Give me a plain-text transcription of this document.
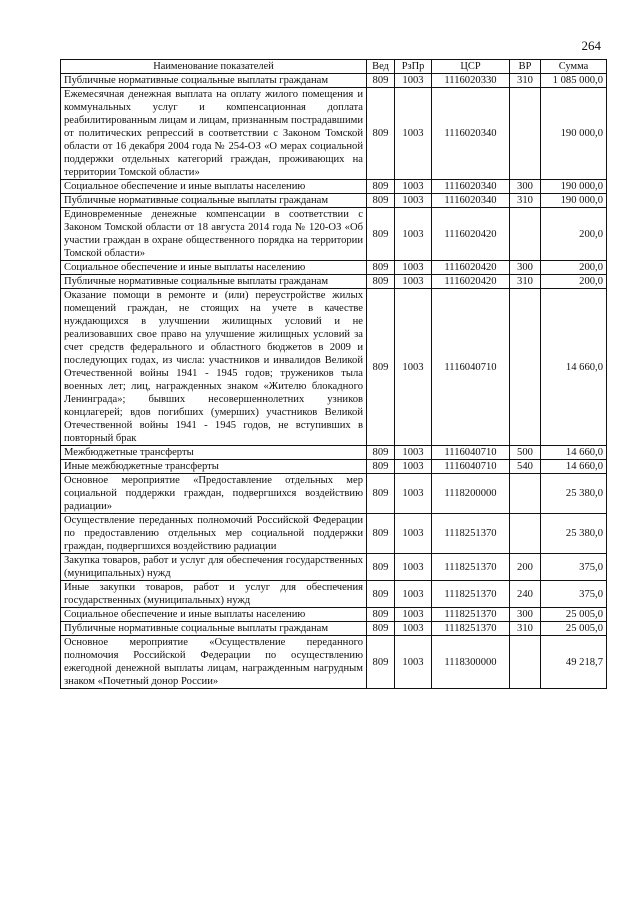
264
Наименование показателей	Вед	РзПр	ЦСР	ВР	Сумма
Публичные нормативные социальные выплаты гражданам	809	1003	1116020330	310	1 085 000,0
Ежемесячная денежная выплата на оплату жилого помещения и коммунальных услуг и компенсационная доплата реабилитированным лицам и лицам, признанным пострадавшими от политических репрессий в соответствии с Законом Томской области от 16 декабря 2004 года № 254-ОЗ «О мерах социальной поддержки отдельных категорий граждан, проживающих на территории Томской области»	809	1003	1116020340		190 000,0
Социальное обеспечение и иные выплаты населению	809	1003	1116020340	300	190 000,0
Публичные нормативные социальные выплаты гражданам	809	1003	1116020340	310	190 000,0
Единовременные денежные компенсации в соответствии с Законом Томской области от 18 августа 2014 года № 120-ОЗ «Об участии граждан в охране общественного порядка на территории Томской области»	809	1003	1116020420		200,0
Социальное обеспечение и иные выплаты населению	809	1003	1116020420	300	200,0
Публичные нормативные социальные выплаты гражданам	809	1003	1116020420	310	200,0
Оказание помощи в ремонте и (или) переустройстве жилых помещений граждан, не стоящих на учете в качестве нуждающихся в улучшении жилищных условий и не реализовавших свое право на улучшение жилищных условий за счет средств федерального и областного бюджетов в 2009 и последующих годах, из числа: участников и инвалидов Великой Отечественной войны 1941 - 1945 годов; тружеников тыла военных лет; лиц, награжденных знаком «Жителю блокадного Ленинграда»; бывших несовершеннолетних узников концлагерей; вдов погибших (умерших) участников Великой Отечественной войны 1941 - 1945 годов, не вступивших в повторный брак	809	1003	1116040710		14 660,0
Межбюджетные трансферты	809	1003	1116040710	500	14 660,0
Иные межбюджетные трансферты	809	1003	1116040710	540	14 660,0
Основное мероприятие «Предоставление отдельных мер социальной поддержки граждан, подвергшихся воздействию радиации»	809	1003	1118200000		25 380,0
Осуществление переданных полномочий Российской Федерации по предоставлению отдельных мер социальной поддержки граждан, подвергшихся воздействию радиации	809	1003	1118251370		25 380,0
Закупка товаров, работ и услуг для обеспечения государственных (муниципальных) нужд	809	1003	1118251370	200	375,0
Иные закупки товаров, работ и услуг для обеспечения государственных (муниципальных) нужд	809	1003	1118251370	240	375,0
Социальное обеспечение и иные выплаты населению	809	1003	1118251370	300	25 005,0
Публичные нормативные социальные выплаты гражданам	809	1003	1118251370	310	25 005,0
Основное мероприятие «Осуществление переданного полномочия Российской Федерации по осуществлению ежегодной денежной выплаты лицам, награжденным нагрудным знаком «Почетный донор России»	809	1003	1118300000		49 218,7
